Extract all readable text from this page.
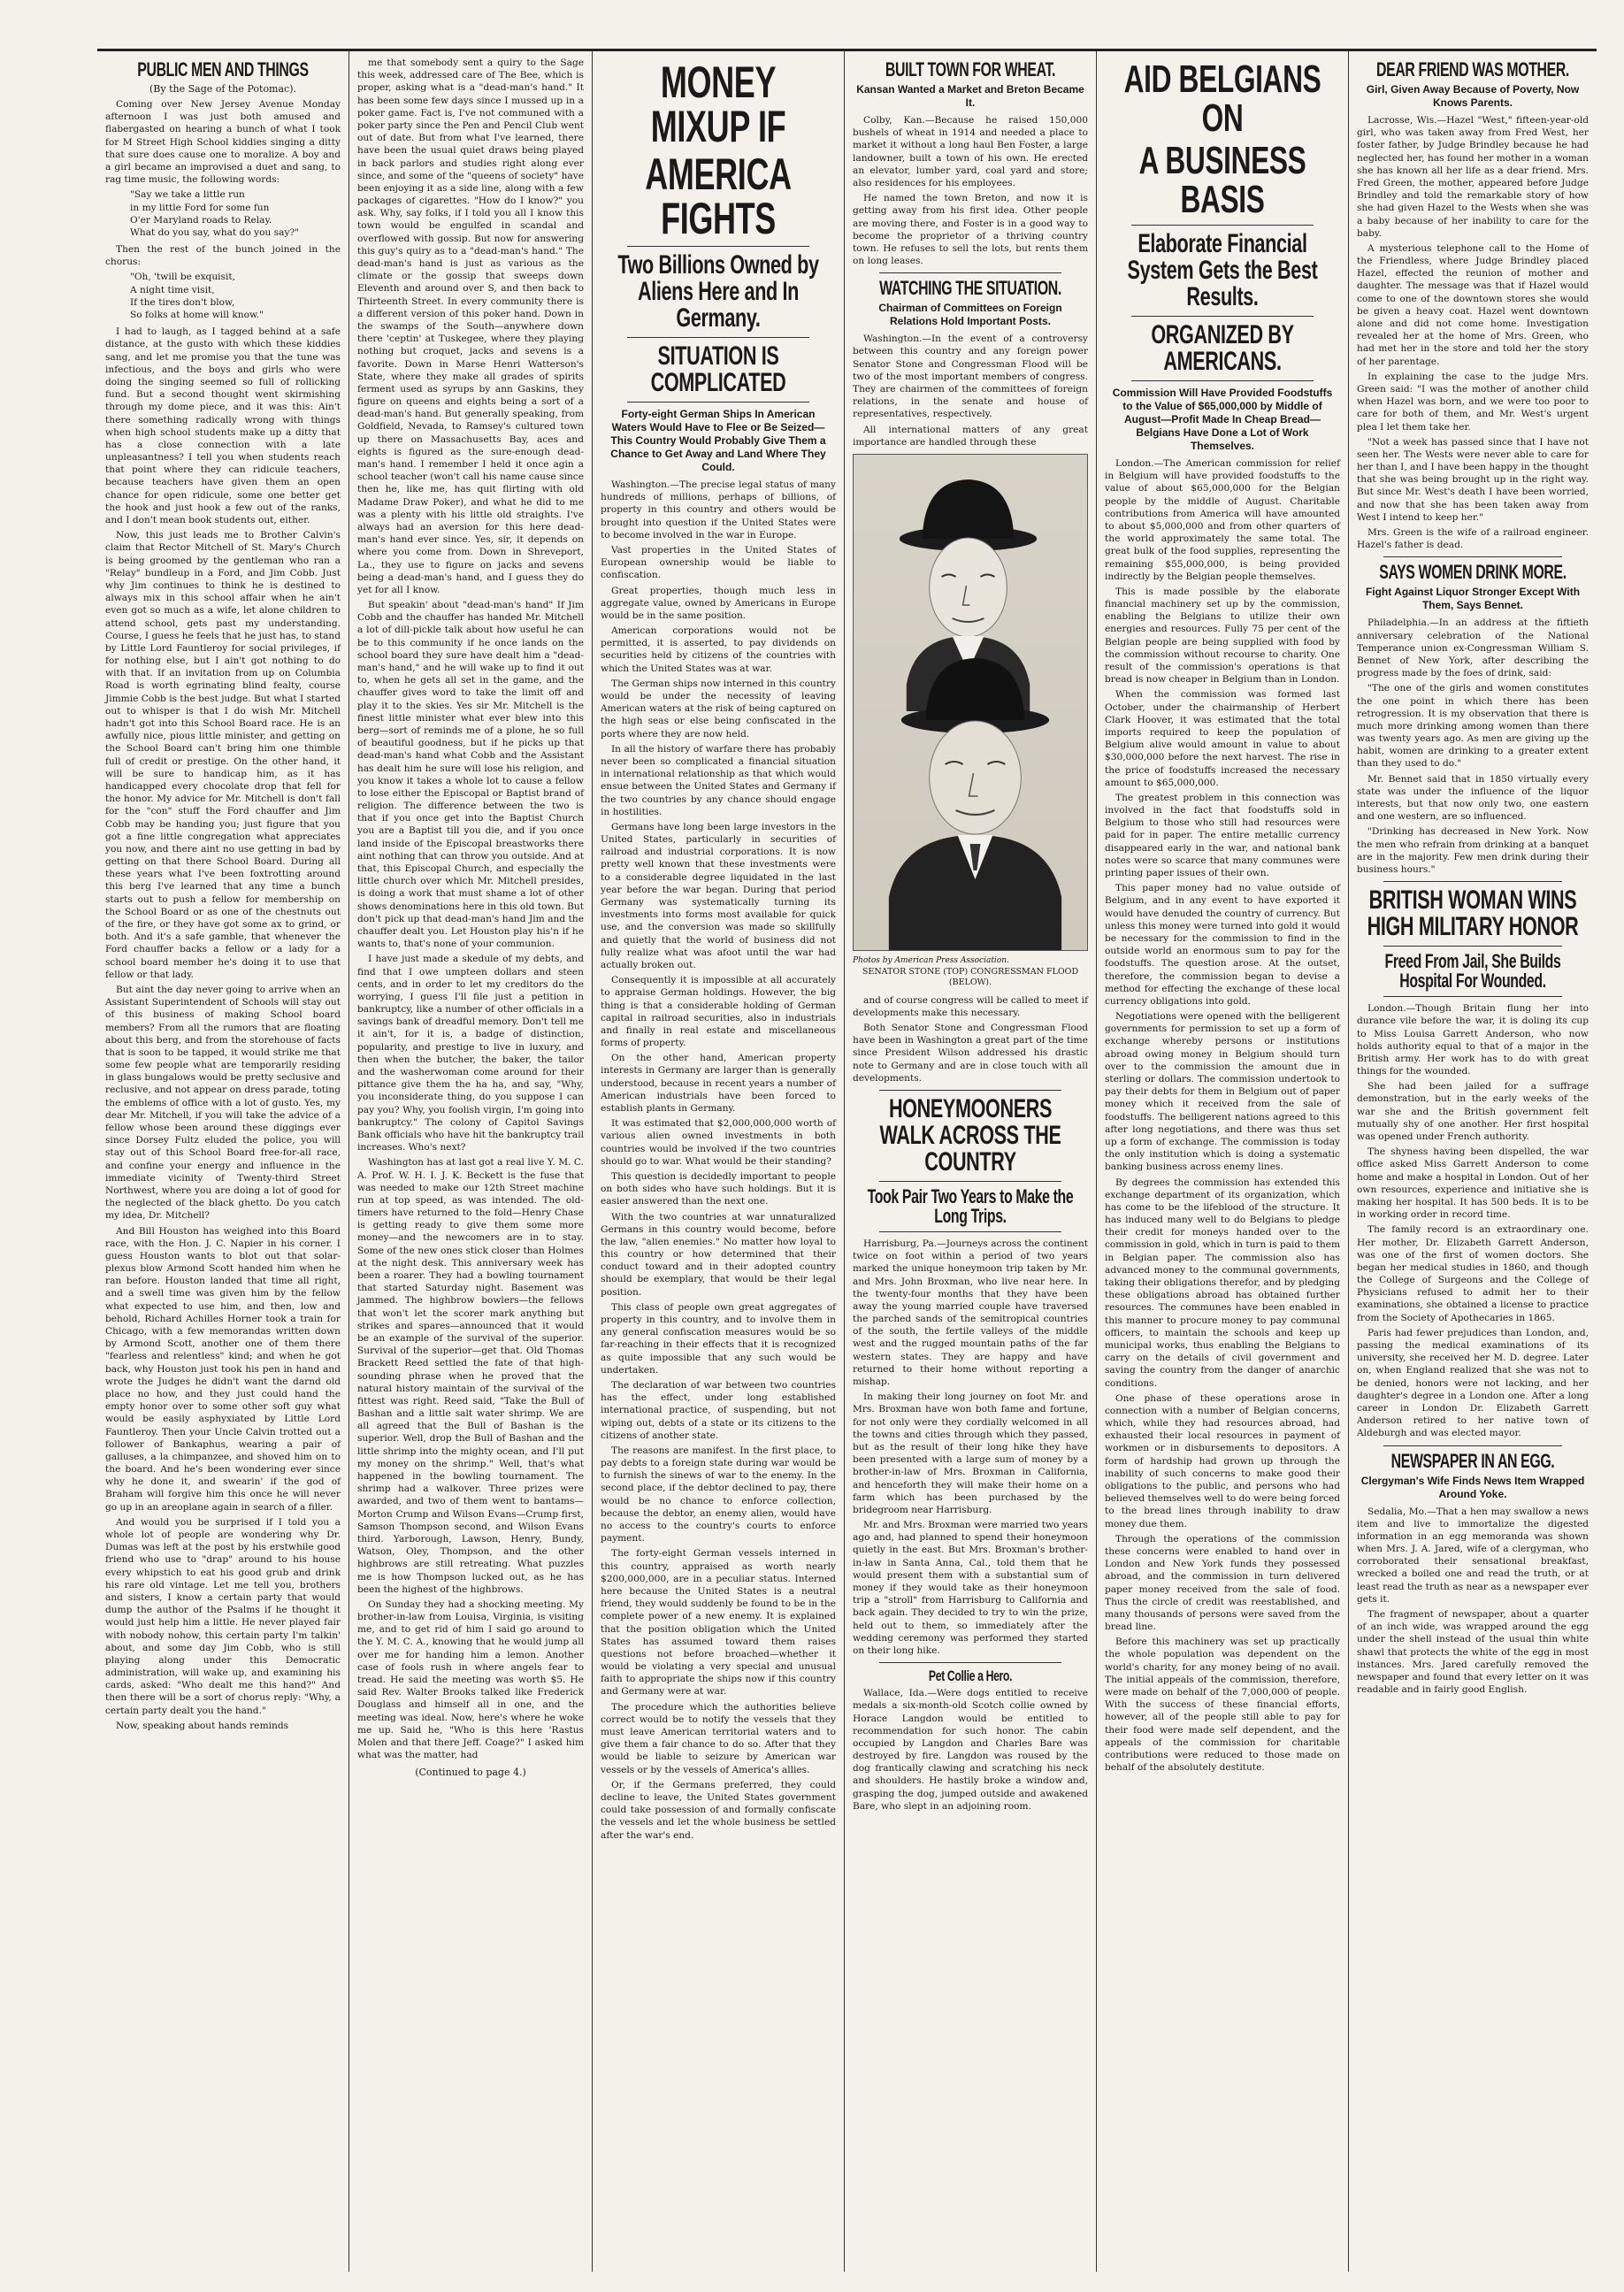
PUBLIC MEN AND THINGS
(By the Sage of the Potomac).

Coming over New Jersey Avenue Monday afternoon I was just both amused and flabergasted on hearing a bunch of what I took for M Street High School kiddies singing a ditty that sure does cause one to moralize. A boy and a girl became an improvised a duet and sang, to rag time music, the following words:

"Say we take a little run
in my little Ford for some fun
O'er Maryland roads to Relay.
What do you say, what do you say?"

Then the rest of the bunch joined in the chorus:

"Oh, 'twill be exquisit,
A night time visit,
If the tires don't blow,
So folks at home will know."

I had to laugh, as I tagged behind at a safe distance, at the gusto with which these kiddies sang, and let me promise you that the tune was infectious, and the boys and girls who were doing the singing seemed so full of rollicking fund. But a second thought went skirmishing through my dome piece, and it was this: Ain't there something radically wrong with things when high school students make up a ditty that has a close connection with a late unpleasantness? I tell you when students reach that point where they can ridicule teachers, because teachers have given them an open chance for open ridicule, some one better get the hook and just hook a few out of the ranks, and I don't mean book students out, either.

Now, this just leads me to Brother Calvin's claim that Rector Mitchell of St. Mary's Church is being groomed by the gentleman who ran a "Relay" bundleup in a Ford, and Jim Cobb. Just why Jim continues to think he is destined to always mix in this school affair when he ain't even got so much as a wife, let alone children to attend school, gets past my understanding. Course, I guess he feels that he just has, to stand by Little Lord Fauntleroy for social privileges, if for nothing else, but I ain't got nothing to do with that. If an invitation from up on Columbia Road is worth egrinating blind fealty, course Jimmie Cobb is the best judge. But what I started out to whisper is that I do wish Mr. Mitchell hadn't got into this School Board race. He is an awfully nice, pious little minister, and getting on the School Board can't bring him one thimble full of credit or prestige. On the other hand, it will be sure to handicap him, as it has handicapped every chocolate drop that fell for the honor. My advice for Mr. Mitchell is don't fall for the "con" stuff the Ford chauffer and Jim Cobb may be handing you; just figure that you got a fine little congregation what appreciates you now, and there aint no use getting in bad by getting on that there School Board. During all these years what I've been foxtrotting around this berg I've learned that any time a bunch starts out to push a fellow for membership on the School Board or as one of the chestnuts out of the fire, or they have got some ax to grind, or both. And it's a safe gamble, that whenever the Ford chauffer backs a fellow or a lady for a school board member he's doing it to use that fellow or that lady.

But aint the day never going to arrive when an Assistant Superintendent of Schools will stay out of this business of making School board members? From all the rumors that are floating about this berg, and from the storehouse of facts that is soon to be tapped, it would strike me that some few people what are temporarily residing in glass bungalows would be pretty seclusive and reclusive, and not appear on dress parade, toting the emblems of office with a lot of gusto. Yes, my dear Mr. Mitchell, if you will take the advice of a fellow whose been around these diggings ever since Dorsey Fultz eluded the police, you will stay out of this School Board free-for-all race, and confine your energy and influence in the immediate vicinity of Twenty-third Street Northwest, where you are doing a lot of good for the neglected of the black ghetto. Do you catch my idea, Dr. Mitchell?

And Bill Houston has weighed into this Board race, with the Hon. J. C. Napier in his corner. I guess Houston wants to blot out that solar-plexus blow Armond Scott handed him when he ran before. Houston landed that time all right, and a swell time was given him by the fellow what expected to use him, and then, low and behold, Richard Achilles Horner took a train for Chicago, with a few memorandas written down by Armond Scott, another one of them there "fearless and relentless" kind; and when he got back, why Houston just took his pen in hand and wrote the Judges he didn't want the darnd old place no how, and they just could hand the empty honor over to some other soft guy what would be easily asphyxiated by Little Lord Fauntleroy. Then your Uncle Calvin trotted out a follower of Bankaphus, wearing a pair of galluses, a la chimpanzee, and shoved him on to the board. And he's been wondering ever since why he done it, and swearin' if the god of Braham will forgive him this once he will never go up in an areoplane again in search of a filler.

And would you be surprised if I told you a whole lot of people are wondering why Dr. Dumas was left at the post by his erstwhile good friend who use to "drap" around to his house every whipstich to eat his good grub and drink his rare old vintage. Let me tell you, brothers and sisters, I know a certain party that would dump the author of the Psalms if he thought it would just help him a little. He never played fair with nobody nohow, this certain party I'm talkin' about, and some day Jim Cobb, who is still playing along under this Democratic administration, will wake up, and examining his cards, asked: "Who dealt me this hand?" And then there will be a sort of chorus reply: "Why, a certain party dealt you the hand."

Now, speaking about hands reminds

me that somebody sent a quiry to the Sage this week, addressed care of The Bee, which is proper, asking what is a "dead-man's hand." It has been some few days since I mussed up in a poker game. Fact is, I've not communed with a poker party since the Pen and Pencil Club went out of date. But from what I've learned, there have been the usual quiet draws being played in back parlors and studies right along ever since, and some of the "queens of society" have been enjoying it as a side line, along with a few packages of cigarettes. "How do I know?" you ask. Why, say folks, if I told you all I know this town would be engulfed in scandal and overflowed with gossip. But now for answering this guy's quiry as to a "dead-man's hand." The dead-man's hand is just as various as the climate or the gossip that sweeps down Eleventh and around over S, and then back to Thirteenth Street. In every community there is a different version of this poker hand. Down in the swamps of the South—anywhere down there 'ceptin' at Tuskegee, where they playing nothing but croquet, jacks and sevens is a favorite. Down in Marse Henri Watterson's State, where they make all grades of spirits ferment used as syrups by ann Gaskins, they figure on queens and eights being a sort of a dead-man's hand. But generally speaking, from Goldfield, Nevada, to Ramsey's cultured town up there on Massachusetts Bay, aces and eights is figured as the sure-enough dead-man's hand. I remember I held it once agin a school teacher (won't call his name cause since then he, like me, has quit flirting with old Madame Draw Poker), and what he did to me was a plenty with his little old straights. I've always had an aversion for this here dead-man's hand ever since. Yes, sir, it depends on where you come from. Down in Shreveport, La., they use to figure on jacks and sevens being a dead-man's hand, and I guess they do yet for all I know.

But speakin' about "dead-man's hand" If Jim Cobb and the chauffer has handed Mr. Mitchell a lot of dill-pickle talk about how useful he can be to this community if he once lands on the school board they sure have dealt him a "dead-man's hand," and he will wake up to find it out to, when he gets all set in the game, and the chauffer gives word to take the limit off and play it to the skies. Yes sir Mr. Mitchell is the finest little minister what ever blew into this berg—sort of reminds me of a plone, he so full of beautiful goodness, but if he picks up that dead-man's hand what Cobb and the Assistant has dealt him he sure will lose his religion, and you know it takes a whole lot to cause a fellow to lose either the Episcopal or Baptist brand of religion. The difference between the two is that if you once get into the Baptist Church you are a Baptist till you die, and if you once land inside of the Episcopal breastworks there aint nothing that can throw you outside. And at that, this Episcopal Church, and especially the little church over which Mr. Mitchell presides, is doing a work that must shame a lot of other shows denominations here in this old town. But don't pick up that dead-man's hand Jim and the chauffer dealt you. Let Houston play his'n if he wants to, that's none of your communion.

I have just made a skedule of my debts, and find that I owe umpteen dollars and steen cents, and in order to let my creditors do the worrying, I guess I'll file just a petition in bankruptcy, like a number of other officials in a savings bank of dreadful memory. Don't tell me it ain't, for it is, a badge of distinction, popularity, and prestige to live in luxury, and then when the butcher, the baker, the tailor and the washerwoman come around for their pittance give them the ha ha, and say, "Why, you inconsiderate thing, do you suppose I can pay you? Why, you foolish virgin, I'm going into bankruptcy." The colony of Capitol Savings Bank officials who have hit the bankruptcy trail increases. Who's next?

Washington has at last got a real live Y. M. C. A. Prof. W. H. I. J. K. Beckett is the fuse that was needed to make our 12th Street machine run at top speed, as was intended. The old-timers have returned to the fold—Henry Chase is getting ready to give them some more money—and the newcomers are in to stay. Some of the new ones stick closer than Holmes at the night desk. This anniversary week has been a roarer. They had a bowling tournament that started Saturday night. Basement was jammed. The highbrow bowlers—the fellows that won't let the scorer mark anything but strikes and spares—announced that it would be an example of the survival of the superior. Survival of the superior—get that. Old Thomas Brackett Reed settled the fate of that high-sounding phrase when he proved that the natural history maintain of the survival of the fittest was right. Reed said, "Take the Bull of Bashan and a little salt water shrimp. We are all agreed that the Bull of Bashan is the superior. Well, drop the Bull of Bashan and the little shrimp into the mighty ocean, and I'll put my money on the shrimp." Well, that's what happened in the bowling tournament. The shrimp had a walkover. Three prizes were awarded, and two of them went to bantams—Morton Crump and Wilson Evans—Crump first, Samson Thompson second, and Wilson Evans third. Yarborough, Lawson, Henry, Bundy, Watson, Oley, Thompson, and the other highbrows are still retreating. What puzzles me is how Thompson lucked out, as he has been the highest of the highbrows.

On Sunday they had a shocking meeting. My brother-in-law from Louisa, Virginia, is visiting me, and to get rid of him I said go around to the Y. M. C. A., knowing that he would jump all over me for handing him a lemon. Another case of fools rush in where angels fear to tread. He said the meeting was worth $5. He said Rev. Walter Brooks talked like Frederick Douglass and himself all in one, and the meeting was ideal. Now, here's where he woke me up. Said he, "Who is this here 'Rastus Molen and that there Jeff. Coage?" I asked him what was the matter, had

(Continued to page 4.)
MONEY MIXUP IF
AMERICA FIGHTS
Two Billions Owned by Aliens Here and In Germany.
SITUATION IS COMPLICATED
Forty-eight German Ships In American Waters Would Have to Flee or Be Seized—This Country Would Probably Give Them a Chance to Get Away and Land Where They Could.

Washington.—The precise legal status of many hundreds of millions, perhaps of billions, of property in this country and others would be brought into question if the United States were to become involved in the war in Europe.

Vast properties in the United States of European ownership would be liable to confiscation.

Great properties, though much less in aggregate value, owned by Americans in Europe would be in the same position.

American corporations would not be permitted, it is asserted, to pay dividends on securities held by citizens of the countries with which the United States was at war.

The German ships now interned in this country would be under the necessity of leaving American waters at the risk of being captured on the high seas or else being confiscated in the ports where they are now held.

In all the history of warfare there has probably never been so complicated a financial situation in international relationship as that which would ensue between the United States and Germany if the two countries by any chance should engage in hostilities.

Germans have long been large investors in the United States, particularly in securities of railroad and industrial corporations. It is now pretty well known that these investments were to a considerable degree liquidated in the last year before the war began. During that period Germany was systematically turning its investments into forms most available for quick use, and the conversion was made so skillfully and quietly that the world of business did not fully realize what was afoot until the war had actually broken out.

Consequently it is impossible at all accurately to appraise German holdings. However, the big thing is that a considerable holding of German capital in railroad securities, also in industrials and finally in real estate and miscellaneous forms of property.

On the other hand, American property interests in Germany are larger than is generally understood, because in recent years a number of American industrials have been forced to establish plants in Germany.

It was estimated that $2,000,000,000 worth of various alien owned investments in both countries would be involved if the two countries should go to war. What would be their standing?

This question is decidedly important to people on both sides who have such holdings. But it is easier answered than the next one.

With the two countries at war unnaturalized Germans in this country would become, before the law, "alien enemies." No matter how loyal to this country or how determined that their conduct toward and in their adopted country should be exemplary, that would be their legal position.

This class of people own great aggregates of property in this country, and to involve them in any general confiscation measures would be so far-reaching in their effects that it is recognized as quite impossible that any such would be undertaken.

The declaration of war between two countries has the effect, under long established international practice, of suspending, but not wiping out, debts of a state or its citizens to the citizens of another state.

The reasons are manifest. In the first place, to pay debts to a foreign state during war would be to furnish the sinews of war to the enemy. In the second place, if the debtor declined to pay, there would be no chance to enforce collection, because the debtor, an enemy alien, would have no access to the country's courts to enforce payment.

The forty-eight German vessels interned in this country, appraised as worth nearly $200,000,000, are in a peculiar status. Interned here because the United States is a neutral friend, they would suddenly be found to be in the complete power of a new enemy. It is explained that the position obligation which the United States has assumed toward them raises questions not before broached—whether it would be violating a very special and unusual faith to appropriate the ships now if this country and Germany were at war.

The procedure which the authorities believe correct would be to notify the vessels that they must leave American territorial waters and to give them a fair chance to do so. After that they would be liable to seizure by American war vessels or by the vessels of America's allies.

Or, if the Germans preferred, they could decline to leave, the United States government could take possession of and formally confiscate the vessels and let the whole business be settled after the war's end.

BUILT TOWN FOR WHEAT.
Kansan Wanted a Market and Breton Became It.

Colby, Kan.—Because he raised 150,000 bushels of wheat in 1914 and needed a place to market it without a long haul Ben Foster, a large landowner, built a town of his own. He erected an elevator, lumber yard, coal yard and store; also residences for his employees.

He named the town Breton, and now it is getting away from his first idea. Other people are moving there, and Foster is in a good way to become the proprietor of a thriving country town. He refuses to sell the lots, but rents them on long leases.

WATCHING THE SITUATION.
Chairman of Committees on Foreign Relations Hold Important Posts.

Washington.—In the event of a controversy between this country and any foreign power Senator Stone and Congressman Flood will be two of the most important members of congress. They are chairmen of the committees of foreign relations, in the senate and house of representatives, respectively.

All international matters of any great importance are handled through these

Photos by American Press Association.
SENATOR STONE (TOP) CONGRESSMAN FLOOD (BELOW).

and of course congress will be called to meet if developments make this necessary.

Both Senator Stone and Congressman Flood have been in Washington a great part of the time since President Wilson addressed his drastic note to Germany and are in close touch with all developments.

HONEYMOONERS WALK ACROSS THE COUNTRY
Took Pair Two Years to Make the Long Trips.

Harrisburg, Pa.—Journeys across the continent twice on foot within a period of two years marked the unique honeymoon trip taken by Mr. and Mrs. John Broxman, who live near here. In the twenty-four months that they have been away the young married couple have traversed the parched sands of the semitropical countries of the south, the fertile valleys of the middle west and the rugged mountain paths of the far western states. They are happy and have returned to their home without reporting a mishap.

In making their long journey on foot Mr. and Mrs. Broxman have won both fame and fortune, for not only were they cordially welcomed in all the towns and cities through which they passed, but as the result of their long hike they have been presented with a large sum of money by a brother-in-law of Mrs. Broxman in California, and henceforth they will make their home on a farm which has been purchased by the bridegroom near Harrisburg.

Mr. and Mrs. Broxman were married two years ago and, had planned to spend their honeymoon quietly in the east. But Mrs. Broxman's brother-in-law in Santa Anna, Cal., told them that he would present them with a substantial sum of money if they would take as their honeymoon trip a "stroll" from Harrisburg to California and back again. They decided to try to win the prize, held out to them, so immediately after the wedding ceremony was performed they started on their long hike.

Pet Collie a Hero.

Wallace, Ida.—Were dogs entitled to receive medals a six-month-old Scotch collie owned by Horace Langdon would be entitled to recommendation for such honor. The cabin occupied by Langdon and Charles Bare was destroyed by fire. Langdon was roused by the dog frantically clawing and scratching his neck and shoulders. He hastily broke a window and, grasping the dog, jumped outside and awakened Bare, who slept in an adjoining room.

AID BELGIANS ON
A BUSINESS BASIS
Elaborate Financial System Gets the Best Results.
ORGANIZED BY AMERICANS.
Commission Will Have Provided Foodstuffs to the Value of $65,000,000 by Middle of August—Profit Made In Cheap Bread—Belgians Have Done a Lot of Work Themselves.

London.—The American commission for relief in Belgium will have provided foodstuffs to the value of about $65,000,000 for the Belgian people by the middle of August. Charitable contributions from America will have amounted to about $5,000,000 and from other quarters of the world approximately the same total. The great bulk of the food supplies, representing the remaining $55,000,000, is being provided indirectly by the Belgian people themselves.

This is made possible by the elaborate financial machinery set up by the commission, enabling the Belgians to utilize their own energies and resources. Fully 75 per cent of the Belgian people are being supplied with food by the commission without recourse to charity. One result of the commission's operations is that bread is now cheaper in Belgium than in London.

When the commission was formed last October, under the chairmanship of Herbert Clark Hoover, it was estimated that the total imports required to keep the population of Belgium alive would amount in value to about $30,000,000 before the next harvest. The rise in the price of foodstuffs increased the necessary amount to $65,000,000.

The greatest problem in this connection was involved in the fact that foodstuffs sold in Belgium to those who still had resources were paid for in paper. The entire metallic currency disappeared early in the war, and national bank notes were so scarce that many communes were printing paper issues of their own.

This paper money had no value outside of Belgium, and in any event to have exported it would have denuded the country of currency. But unless this money were turned into gold it would be necessary for the commission to find in the outside world an enormous sum to pay for the foodstuffs. The question arose. At the outset, therefore, the commission began to devise a method for effecting the exchange of these local currency obligations into gold.

Negotiations were opened with the belligerent governments for permission to set up a form of exchange whereby persons or institutions abroad owing money in Belgium should turn over to the commission the amount due in sterling or dollars. The commission undertook to pay their debts for them in Belgium out of paper money which it received from the sale of foodstuffs. The belligerent nations agreed to this after long negotiations, and there was thus set up a form of exchange. The commission is today the only institution which is doing a systematic banking business across enemy lines.

By degrees the commission has extended this exchange department of its organization, which has come to be the lifeblood of the structure. It has induced many well to do Belgians to pledge their credit for moneys handed over to the commission in gold, which in turn is paid to them in Belgian paper. The commission also has advanced money to the communal governments, taking their obligations therefor, and by pledging these obligations abroad has obtained further resources. The communes have been enabled in this manner to procure money to pay communal officers, to maintain the schools and keep up municipal works, thus enabling the Belgians to carry on the details of civil government and saving the country from the danger of anarchic conditions.

One phase of these operations arose in connection with a number of Belgian concerns, which, while they had resources abroad, had exhausted their local resources in payment of workmen or in disbursements to depositors. A form of hardship had grown up through the inability of such concerns to make good their obligations to the public, and persons who had believed themselves well to do were being forced to the bread lines through inability to draw money due them.

Through the operations of the commission these concerns were enabled to hand over in London and New York funds they possessed abroad, and the commission in turn delivered paper money received from the sale of food. Thus the circle of credit was reestablished, and many thousands of persons were saved from the bread line.

Before this machinery was set up practically the whole population was dependent on the world's charity, for any money being of no avail. The initial appeals of the commission, therefore, were made on behalf of the 7,000,000 of people. With the success of these financial efforts, however, all of the people still able to pay for their food were made self dependent, and the appeals of the commission for charitable contributions were reduced to those made on behalf of the absolutely destitute.

DEAR FRIEND WAS MOTHER.
Girl, Given Away Because of Poverty, Now Knows Parents.

Lacrosse, Wis.—Hazel "West," fifteen-year-old girl, who was taken away from Fred West, her foster father, by Judge Brindley because he had neglected her, has found her mother in a woman she has known all her life as a dear friend. Mrs. Fred Green, the mother, appeared before Judge Brindley and told the remarkable story of how she had given Hazel to the Wests when she was a baby because of her inability to care for the baby.

A mysterious telephone call to the Home of the Friendless, where Judge Brindley placed Hazel, effected the reunion of mother and daughter. The message was that if Hazel would come to one of the downtown stores she would be given a heavy coat. Hazel went downtown alone and did not come home. Investigation revealed her at the home of Mrs. Green, who had met her in the store and told her the story of her parentage.

In explaining the case to the judge Mrs. Green said: "I was the mother of another child when Hazel was born, and we were too poor to care for both of them, and Mr. West's urgent plea I let them take her.

"Not a week has passed since that I have not seen her. The Wests were never able to care for her than I, and I have been happy in the thought that she was being brought up in the right way. But since Mr. West's death I have been worried, and now that she has been taken away from West I intend to keep her."

Mrs. Green is the wife of a railroad engineer. Hazel's father is dead.

SAYS WOMEN DRINK MORE.
Fight Against Liquor Stronger Except With Them, Says Bennet.

Philadelphia.—In an address at the fiftieth anniversary celebration of the National Temperance union ex-Congressman William S. Bennet of New York, after describing the progress made by the foes of drink, said:

"The one of the girls and women constitutes the one point in which there has been retrogression. It is my observation that there is much more drinking among women than there was twenty years ago. As men are giving up the habit, women are drinking to a greater extent than they used to do."

Mr. Bennet said that in 1850 virtually every state was under the influence of the liquor interests, but that now only two, one eastern and one western, are so influenced.

"Drinking has decreased in New York. Now the men who refrain from drinking at a banquet are in the majority. Few men drink during their business hours."

BRITISH WOMAN WINS HIGH MILITARY HONOR
Freed From Jail, She Builds Hospital For Wounded.

London.—Though Britain flung her into durance vile before the war, it is doling its cup to Miss Louisa Garrett Anderson, who now holds authority equal to that of a major in the British army. Her work has to do with great things for the wounded.

She had been jailed for a suffrage demonstration, but in the early weeks of the war she and the British government felt mutually shy of one another. Her first hospital was opened under French authority.

The shyness having been dispelled, the war office asked Miss Garrett Anderson to come home and make a hospital in London. Out of her own resources, experience and initiative she is making her hospital. It has 500 beds. It is to be in working order in record time.

The family record is an extraordinary one. Her mother, Dr. Elizabeth Garrett Anderson, was one of the first of women doctors. She began her medical studies in 1860, and though the College of Surgeons and the College of Physicians refused to admit her to their examinations, she obtained a license to practice from the Society of Apothecaries in 1865.

Paris had fewer prejudices than London, and, passing the medical examinations of its university, she received her M. D. degree. Later on, when England realized that she was not to be denied, honors were not lacking, and her daughter's degree in a London one. After a long career in London Dr. Elizabeth Garrett Anderson retired to her native town of Aldeburgh and was elected mayor.

NEWSPAPER IN AN EGG.
Clergyman's Wife Finds News Item Wrapped Around Yoke.

Sedalia, Mo.—That a hen may swallow a news item and live to immortalize the digested information in an egg memoranda was shown when Mrs. J. A. Jared, wife of a clergyman, who corroborated their sensational breakfast, wrecked a boiled one and read the truth, or at least read the truth as near as a newspaper ever gets it.

The fragment of newspaper, about a quarter of an inch wide, was wrapped around the egg under the shell instead of the usual thin white shawl that protects the white of the egg in most instances. Mrs. Jared carefully removed the newspaper and found that every letter on it was readable and in fairly good English.
